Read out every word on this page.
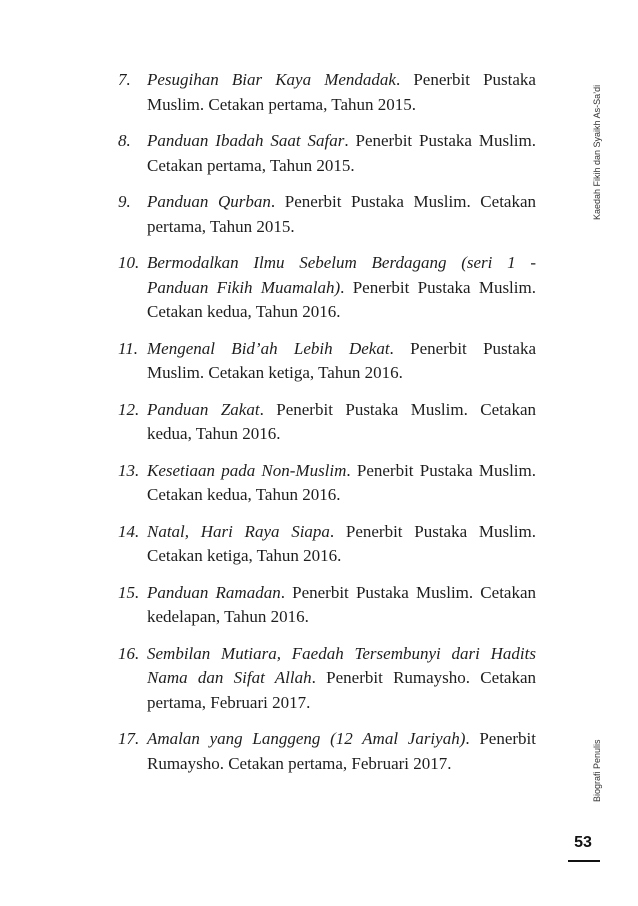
7. Pesugihan Biar Kaya Mendadak. Penerbit Pustaka Muslim. Cetakan pertama, Tahun 2015.
8. Panduan Ibadah Saat Safar. Penerbit Pustaka Muslim. Cetakan pertama, Tahun 2015.
9. Panduan Qurban. Penerbit Pustaka Muslim. Cetakan pertama, Tahun 2015.
10. Bermodalkan Ilmu Sebelum Berdagang (seri 1 - Panduan Fikih Muamalah). Penerbit Pustaka Muslim. Cetakan kedua, Tahun 2016.
11. Mengenal Bid’ah Lebih Dekat. Penerbit Pustaka Muslim. Cetakan ketiga, Tahun 2016.
12. Panduan Zakat. Penerbit Pustaka Muslim. Cetakan kedua, Tahun 2016.
13. Kesetiaan pada Non-Muslim. Penerbit Pustaka Muslim. Cetakan kedua, Tahun 2016.
14. Natal, Hari Raya Siapa. Penerbit Pustaka Muslim. Cetakan ketiga, Tahun 2016.
15. Panduan Ramadan. Penerbit Pustaka Muslim. Cetakan kedelapan, Tahun 2016.
16. Sembilan Mutiara, Faedah Tersembunyi dari Hadits Nama dan Sifat Allah. Penerbit Rumaysho. Cetakan pertama, Februari 2017.
17. Amalan yang Langgeng (12 Amal Jariyah). Penerbit Rumaysho. Cetakan pertama, Februari 2017.
Kaedah Fikih dan Syaikh As-Sa’di
Biografi Penulis
53
